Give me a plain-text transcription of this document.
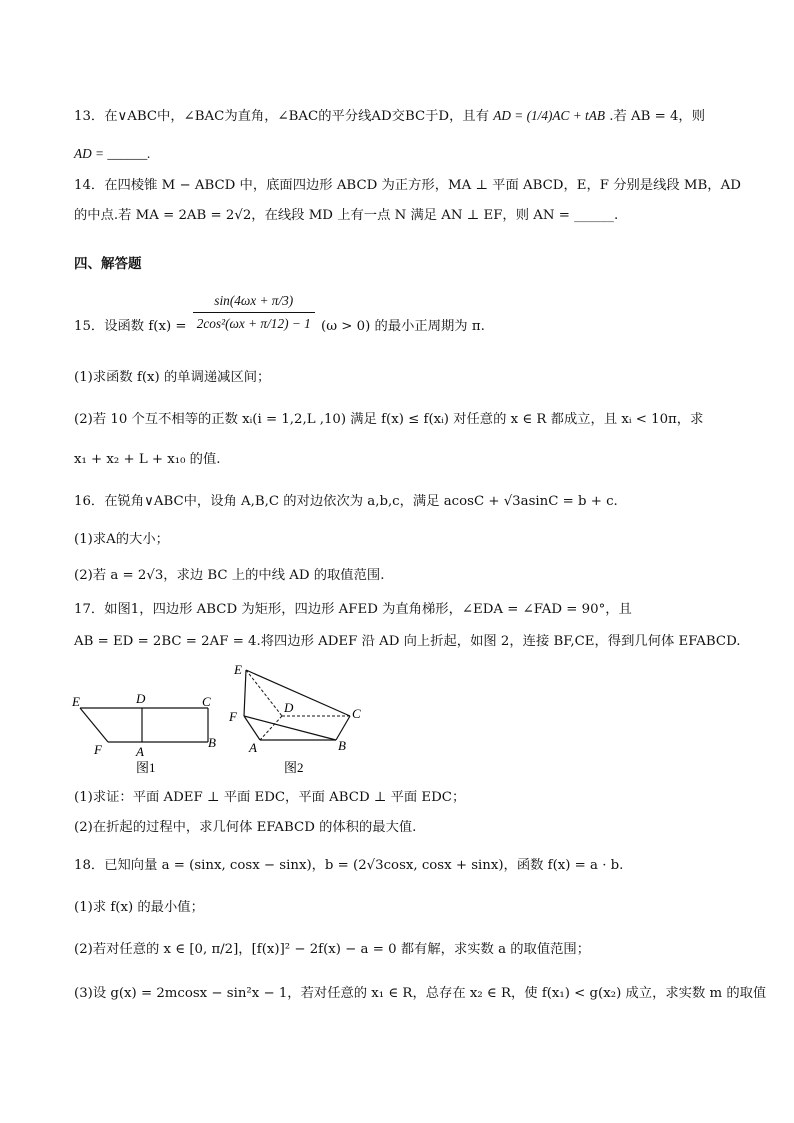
13．在∨ABC中，∠BAC为直角，∠BAC的平分线AD交BC于D，且有 AD = (1/4)AC + tAB .若 AB = 4，则
AD = ______.
14．在四棱锥 M − ABCD 中，底面四边形 ABCD 为正方形，MA ⊥ 平面 ABCD，E，F 分别是线段 MB，AD
的中点.若 MA = 2AB = 2√2，在线段 MD 上有一点 N 满足 AN ⊥ EF，则 AN = ______.
四、解答题
15．设函数 $f(x) = \frac{\sin(4\omega x + \pi/3)}{\text{2cos²(ωx + π/12) − 1}} (\omega > 0)$ 的最小正周期为 π.
(1)求函数 f(x) 的单调递减区间；
(2)若 10 个互不相等的正数 xᵢ(i = 1,2,L ,10) 满足 f(x) ≤ f(xᵢ) 对任意的 x ∈ R 都成立，且 xᵢ < 10π，求
x₁ + x₂ + L + x₁₀ 的值.
16．在锐角∨ABC中，设角 A,B,C 的对边依次为 a,b,c，满足 acosC + √3asinC = b + c.
(1)求A的大小；
(2)若 a = 2√3，求边 BC 上的中线 AD 的取值范围.
17．如图1，四边形 ABCD 为矩形，四边形 AFED 为直角梯形，∠EDA = ∠FAD = 90°，且
AB = ED = 2BC = 2AF = 4.将四边形 ADEF 沿 AD 向上折起，如图 2，连接 BF,CE，得到几何体 EFABCD.
E	D	C
F	A
B
图1
E
D	C
F
A	B
图2
(1)求证：平面 ADEF ⊥ 平面 EDC，平面 ABCD ⊥ 平面 EDC；
(2)在折起的过程中，求几何体 EFABCD 的体积的最大值.
18．已知向量 a = (sinx, cosx − sinx)，b = (2√3cosx, cosx + sinx)，函数 f(x) = a · b.
(1)求 f(x) 的最小值；
(2)若对任意的 x ∈ [0, π/2]，[f(x)]² − 2f(x) − a = 0 都有解，求实数 a 的取值范围；
(3)设 g(x) = 2mcosx − sin²x − 1，若对任意的 x₁ ∈ R，总存在 x₂ ∈ R，使 f(x₁) < g(x₂) 成立，求实数 m 的取值
